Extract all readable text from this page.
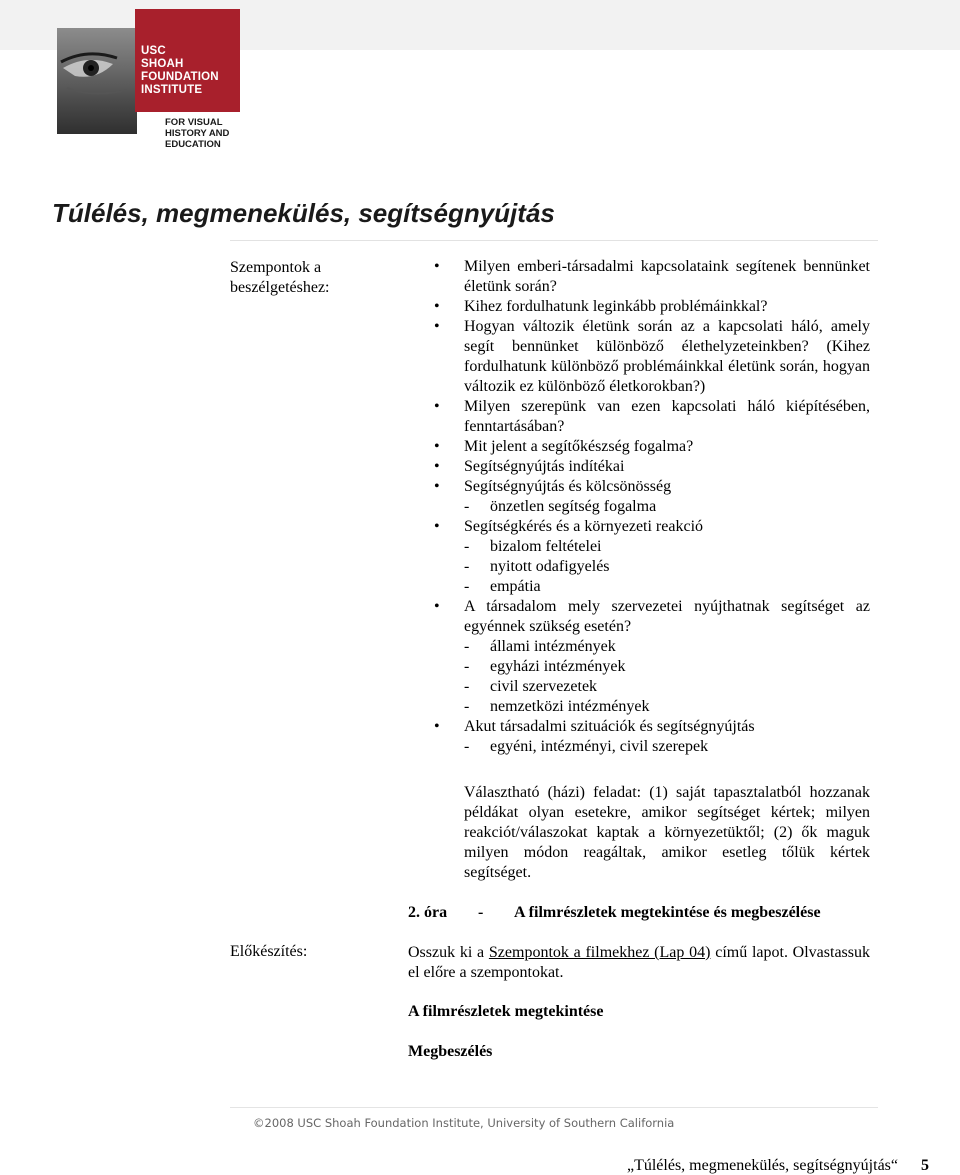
USC
SHOAH
FOUNDATION
INSTITUTE
FOR VISUAL
HISTORY AND
EDUCATION
Túlélés, megmenekülés, segítségnyújtás
Szempontok a beszélgetéshez:
• Milyen emberi-társadalmi kapcsolataink segítenek bennünket életünk során?
• Kihez fordulhatunk leginkább problémáinkkal?
• Hogyan változik életünk során az a kapcsolati háló, amely segít bennünket különböző élethelyzeteinkben? (Kihez fordulhatunk különböző problémáinkkal életünk során, hogyan változik ez különböző életkorokban?)
• Milyen szerepünk van ezen kapcsolati háló kiépítésében, fenntartásában?
• Mit jelent a segítőkészség fogalma?
• Segítségnyújtás indítékai
• Segítségnyújtás és kölcsönösség
- önzetlen segítség fogalma
• Segítségkérés és a környezeti reakció
- bizalom feltételei
- nyitott odafigyelés
- empátia
• A társadalom mely szervezetei nyújthatnak segítséget az egyénnek szükség esetén?
- állami intézmények
- egyházi intézmények
- civil szervezetek
- nemzetközi intézmények
• Akut társadalmi szituációk és segítségnyújtás
- egyéni, intézményi, civil szerepek

Választható (házi) feladat: (1) saját tapasztalatból hozzanak példákat olyan esetekre, amikor segítséget kértek; milyen reakciót/válaszokat kaptak a környezetüktől; (2) ők maguk milyen módon reagáltak, amikor esetleg tőlük kértek segítséget.

2. óra - A filmrészletek megtekintése és megbeszélése
Előkészítés:	Osszuk ki a Szempontok a filmekhez (Lap 04) című lapot. Olvastassuk el előre a szempontokat.

A filmrészletek megtekintése
Megbeszélés
©2008 USC Shoah Foundation Institute, University of Southern California
„Túlélés, megmenekülés, segítségnyújtás“ 5
